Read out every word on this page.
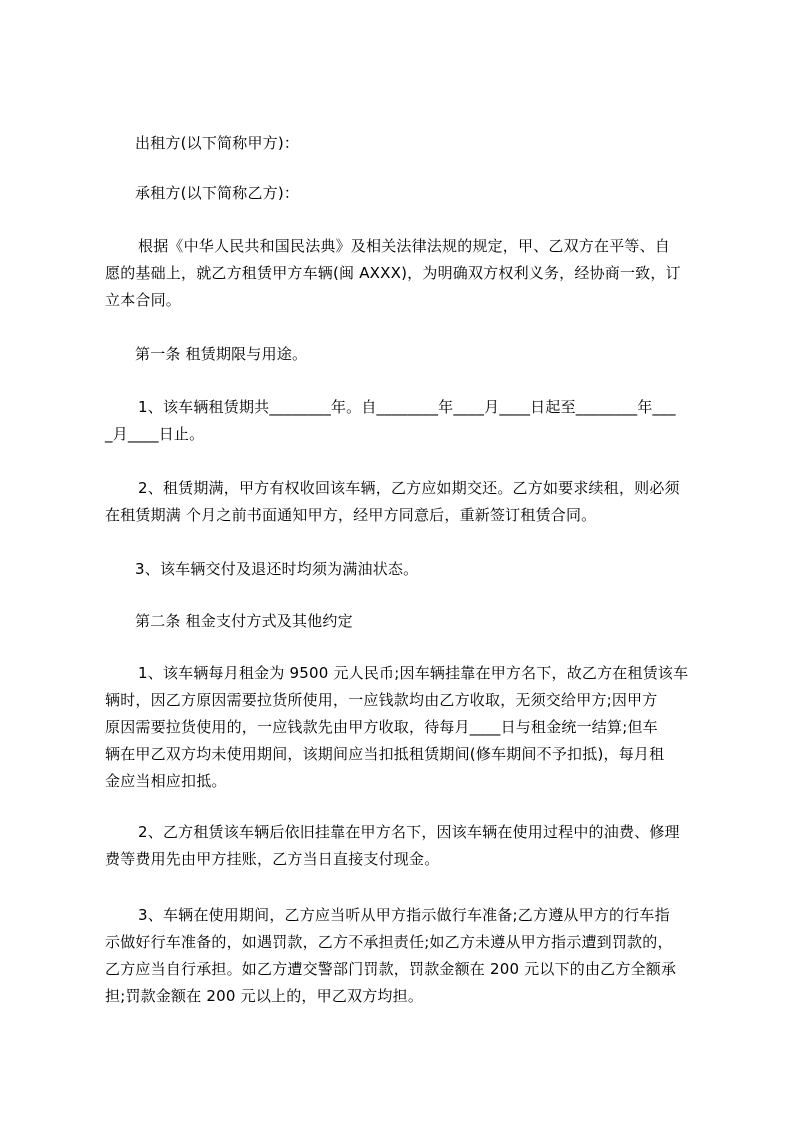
出租方(以下简称甲方)：
承租方(以下简称乙方)：
根据《中华人民共和国民法典》及相关法律法规的规定，甲、乙双方在平等、自
愿的基础上，就乙方租赁甲方车辆(闽 AXXX)，为明确双方权利义务，经协商一致，订
立本合同。
第一条 租赁期限与用途。
1、该车辆租赁期共________年。自________年____月____日起至________年___
_月____日止。
2、租赁期满，甲方有权收回该车辆，乙方应如期交还。乙方如要求续租，则必须
在租赁期满 个月之前书面通知甲方，经甲方同意后，重新签订租赁合同。
3、该车辆交付及退还时均须为满油状态。
第二条 租金支付方式及其他约定
1、该车辆每月租金为 9500 元人民币;因车辆挂靠在甲方名下，故乙方在租赁该车
辆时，因乙方原因需要拉货所使用，一应钱款均由乙方收取，无须交给甲方;因甲方
原因需要拉货使用的，一应钱款先由甲方收取，待每月____日与租金统一结算;但车
辆在甲乙双方均未使用期间，该期间应当扣抵租赁期间(修车期间不予扣抵)，每月租
金应当相应扣抵。
2、乙方租赁该车辆后依旧挂靠在甲方名下，因该车辆在使用过程中的油费、修理
费等费用先由甲方挂账，乙方当日直接支付现金。
3、车辆在使用期间，乙方应当听从甲方指示做行车准备;乙方遵从甲方的行车指
示做好行车准备的，如遇罚款，乙方不承担责任;如乙方未遵从甲方指示遭到罚款的，
乙方应当自行承担。如乙方遭交警部门罚款，罚款金额在 200 元以下的由乙方全额承
担;罚款金额在 200 元以上的，甲乙双方均担。
